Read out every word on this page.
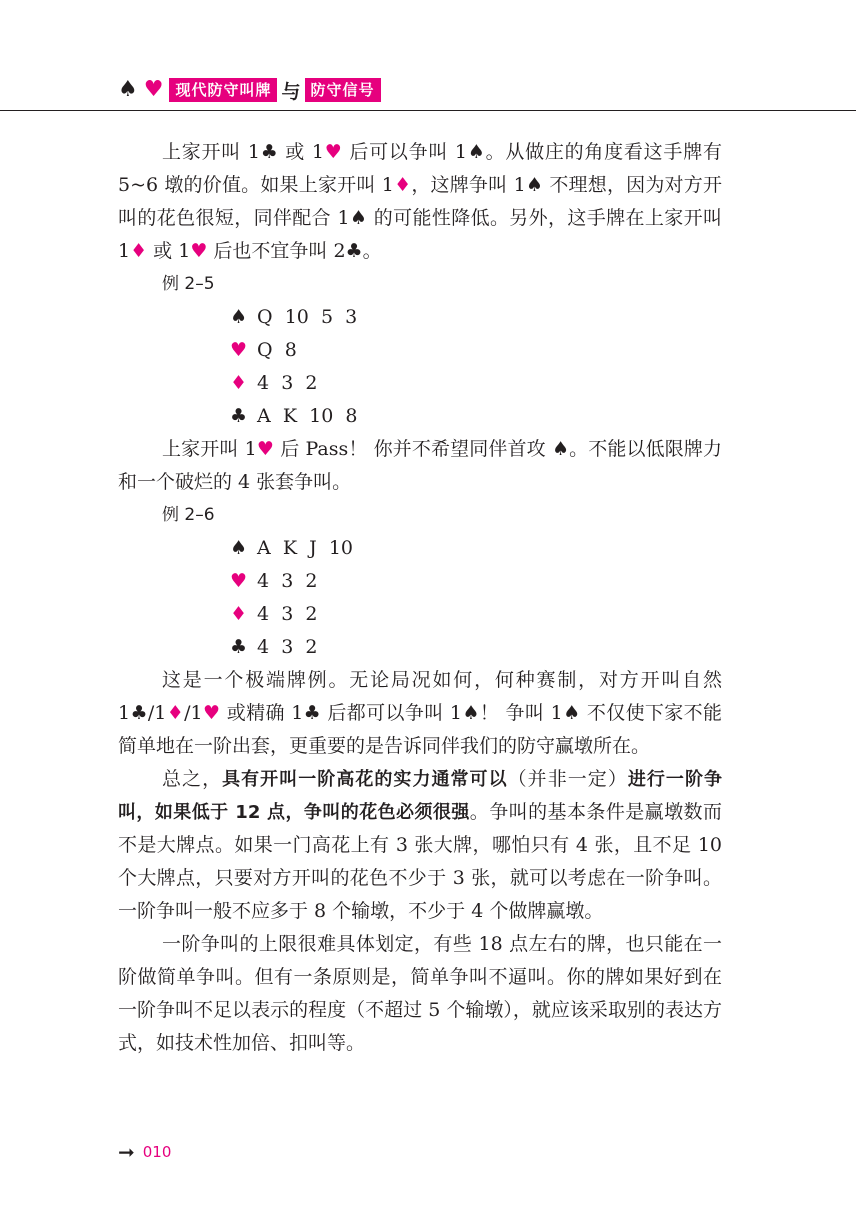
♠ ♥ 现代防守叫牌 与 防守信号

上家开叫 1♣ 或 1♥ 后可以争叫 1♠。从做庄的角度看这手牌有5~6 墩的价值。如果上家开叫 1♦，这牌争叫 1♠ 不理想，因为对方开叫的花色很短，同伴配合 1♠ 的可能性降低。另外，这手牌在上家开叫 1♦ 或 1♥ 后也不宜争叫 2♣。

例 2–5

♠ Q  10  5  3

♥ Q  8

♦ 4  3  2

♣ A  K  10  8

上家开叫 1♥ 后 Pass！ 你并不希望同伴首攻 ♠。不能以低限牌力和一个破烂的 4 张套争叫。

例 2–6

♠ A  K  J  10

♥ 4  3  2

♦ 4  3  2

♣ 4  3  2

这是一个极端牌例。无论局况如何，何种赛制，对方开叫自然 1♣/1♦/1♥ 或精确 1♣ 后都可以争叫 1♠！ 争叫 1♠ 不仅使下家不能简单地在一阶出套，更重要的是告诉同伴我们的防守赢墩所在。

总之，具有开叫一阶高花的实力通常可以（并非一定）进行一阶争叫，如果低于 12 点，争叫的花色必须很强。争叫的基本条件是赢墩数而不是大牌点。如果一门高花上有 3 张大牌，哪怕只有 4 张，且不足 10 个大牌点，只要对方开叫的花色不少于 3 张，就可以考虑在一阶争叫。一阶争叫一般不应多于 8 个输墩，不少于 4 个做牌赢墩。

一阶争叫的上限很难具体划定，有些 18 点左右的牌，也只能在一阶做简单争叫。但有一条原则是，简单争叫不逼叫。你的牌如果好到在一阶争叫不足以表示的程度（不超过 5 个输墩），就应该采取别的表达方式，如技术性加倍、扣叫等。

➞ 010
